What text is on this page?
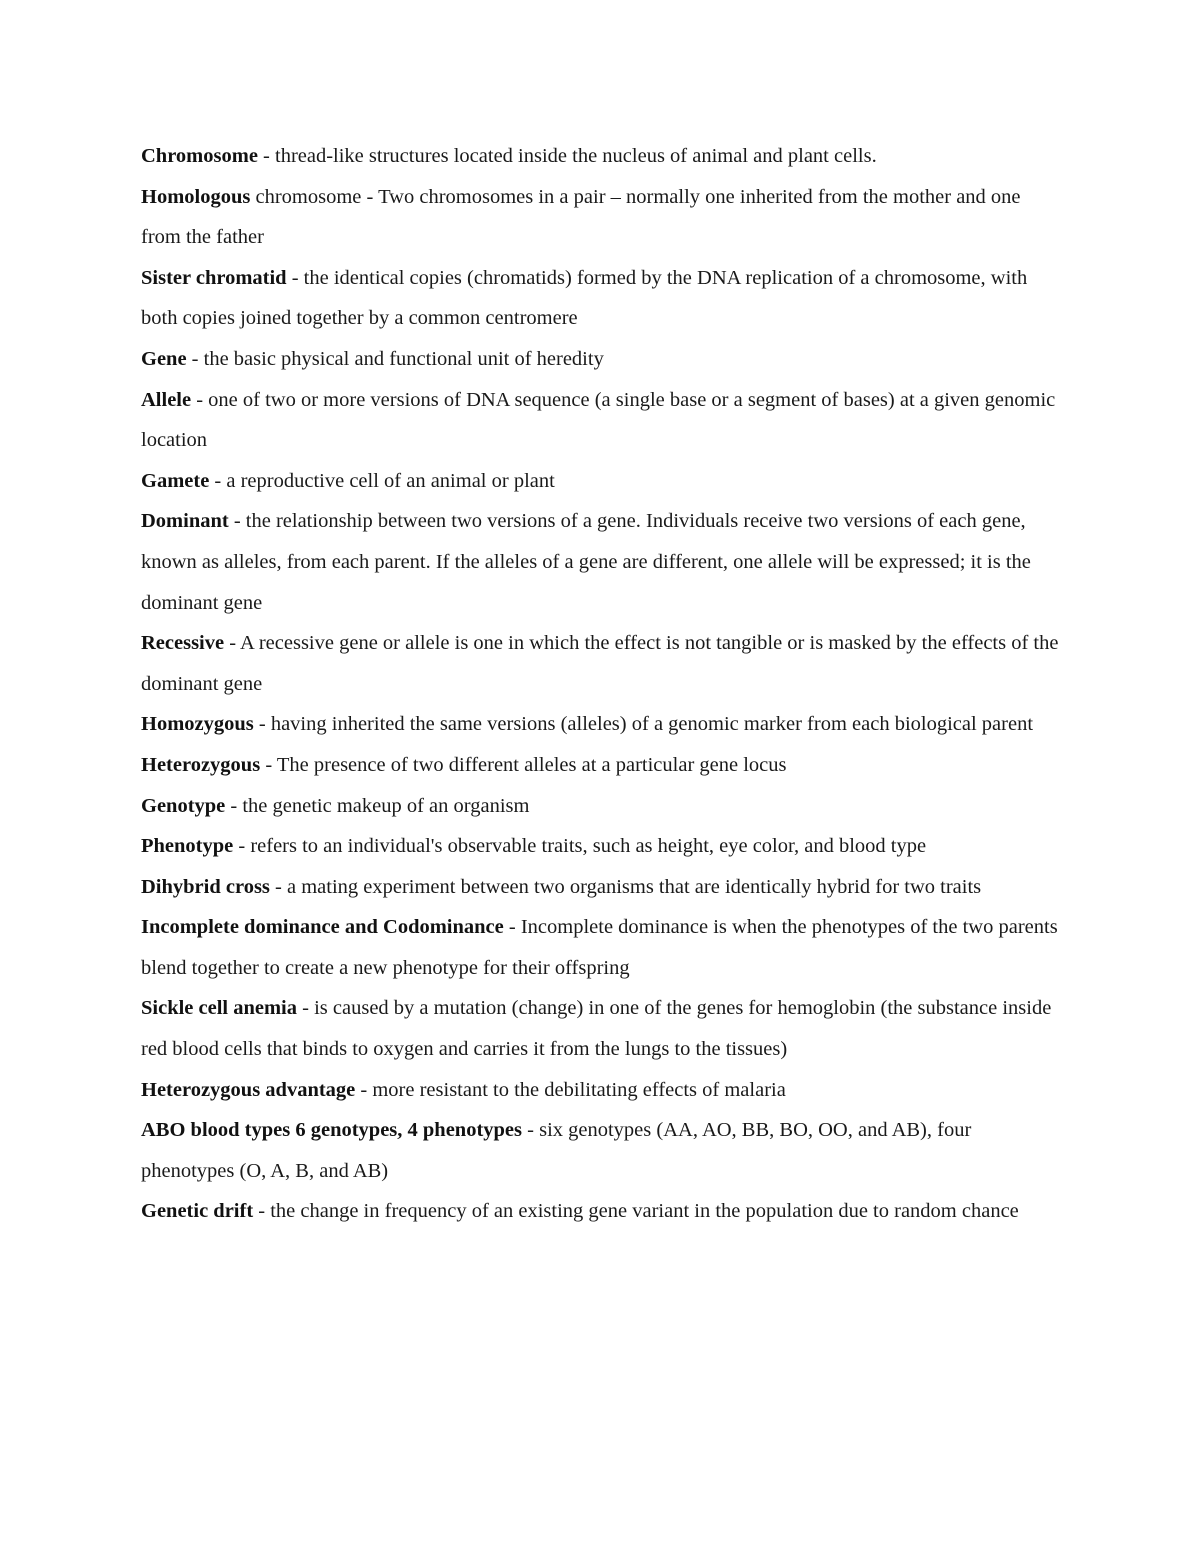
Chromosome - thread-like structures located inside the nucleus of animal and plant cells.

Homologous chromosome - Two chromosomes in a pair – normally one inherited from the mother and one from the father

Sister chromatid - the identical copies (chromatids) formed by the DNA replication of a chromosome, with both copies joined together by a common centromere

Gene - the basic physical and functional unit of heredity

Allele - one of two or more versions of DNA sequence (a single base or a segment of bases) at a given genomic location

Gamete - a reproductive cell of an animal or plant

Dominant - the relationship between two versions of a gene. Individuals receive two versions of each gene, known as alleles, from each parent. If the alleles of a gene are different, one allele will be expressed; it is the dominant gene

Recessive - A recessive gene or allele is one in which the effect is not tangible or is masked by the effects of the dominant gene

Homozygous - having inherited the same versions (alleles) of a genomic marker from each biological parent

Heterozygous - The presence of two different alleles at a particular gene locus

Genotype - the genetic makeup of an organism

Phenotype - refers to an individual's observable traits, such as height, eye color, and blood type

Dihybrid cross - a mating experiment between two organisms that are identically hybrid for two traits

Incomplete dominance and Codominance - Incomplete dominance is when the phenotypes of the two parents blend together to create a new phenotype for their offspring

Sickle cell anemia - is caused by a mutation (change) in one of the genes for hemoglobin (the substance inside red blood cells that binds to oxygen and carries it from the lungs to the tissues)

Heterozygous advantage - more resistant to the debilitating effects of malaria

ABO blood types 6 genotypes, 4 phenotypes - six genotypes (AA, AO, BB, BO, OO, and AB), four phenotypes (O, A, B, and AB)

Genetic drift - the change in frequency of an existing gene variant in the population due to random chance
